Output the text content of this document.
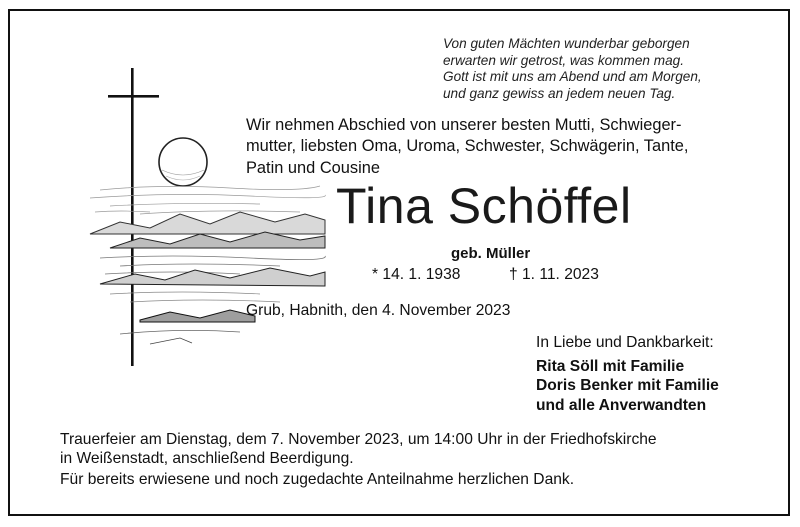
Von guten Mächten wunderbar geborgen
erwarten wir getrost, was kommen mag.
Gott ist mit uns am Abend und am Morgen,
und ganz gewiss an jedem neuen Tag.
Wir nehmen Abschied von unserer besten Mutti, Schwieger-
mutter, liebsten Oma, Uroma, Schwester, Schwägerin, Tante,
Patin und Cousine
Tina Schöffel
geb. Müller
* 14. 1. 1938	† 1. 11. 2023
Grub, Habnith, den 4. November 2023
In Liebe und Dankbarkeit:
Rita Söll mit Familie
Doris Benker mit Familie
und alle Anverwandten
Trauerfeier am Dienstag, dem 7. November 2023, um 14:00 Uhr in der Friedhofskirche
in Weißenstadt, anschließend Beerdigung.
Für bereits erwiesene und noch zugedachte Anteilnahme herzlichen Dank.
